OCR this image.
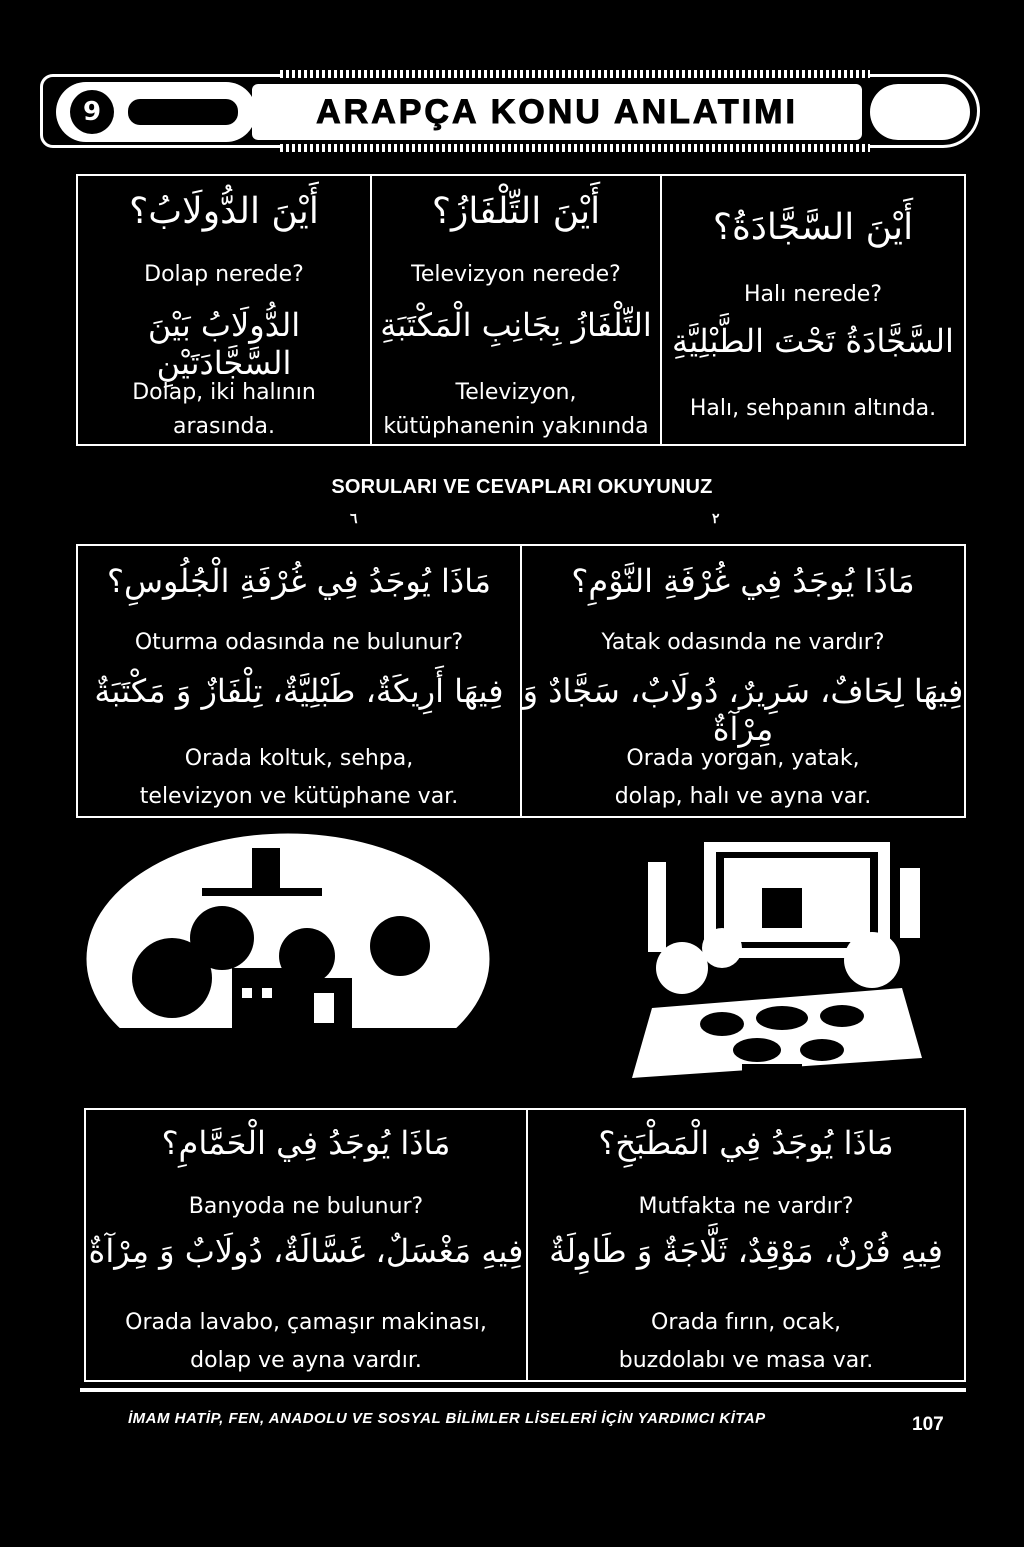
9	ARAPÇA KONU ANLATIMI
أَيْنَ الدُّولَابُ؟
Dolap nerede?
الدُّولَابُ بَيْنَ السَّجَّادَتَيْنِ
Dolap, iki halının
arasında.
أَيْنَ التِّلْفَازُ؟
Televizyon nerede?
التِّلْفَازُ بِجَانِبِ الْمَكْتَبَةِ
Televizyon,
kütüphanenin yakınında
أَيْنَ السَّجَّادَةُ؟
Halı nerede?
السَّجَّادَةُ تَحْتَ الطَّبْلِيَّةِ
Halı, sehpanın altında.
SORULARI VE CEVAPLARI OKUYUNUZ
٦	٢
مَاذَا يُوجَدُ فِي غُرْفَةِ الْجُلُوسِ؟
Oturma odasında ne bulunur?
فِيهَا أَرِيكَةٌ، طَبْلِيَّةٌ، تِلْفَازٌ وَ مَكْتَبَةٌ
Orada koltuk, sehpa,
televizyon ve kütüphane var.
مَاذَا يُوجَدُ فِي غُرْفَةِ النَّوْمِ؟
Yatak odasında ne vardır?
فِيهَا لِحَافٌ، سَرِيرٌ، دُولَابٌ، سَجَّادٌ وَ مِرْآةٌ
Orada yorgan, yatak,
dolap, halı ve ayna var.
مَاذَا يُوجَدُ فِي الْحَمَّامِ؟
Banyoda ne bulunur?
فِيهِ مَغْسَلٌ، غَسَّالَةٌ، دُولَابٌ وَ مِرْآةٌ
Orada lavabo, çamaşır makinası,
dolap ve ayna vardır.
مَاذَا يُوجَدُ فِي الْمَطْبَخِ؟
Mutfakta ne vardır?
فِيهِ فُرْنٌ، مَوْقِدٌ، ثَلَّاجَةٌ وَ طَاوِلَةٌ
Orada fırın, ocak,
buzdolabı ve masa var.
İMAM HATİP, FEN, ANADOLU VE SOSYAL BİLİMLER LİSELERİ İÇİN YARDIMCI KİTAP	107
